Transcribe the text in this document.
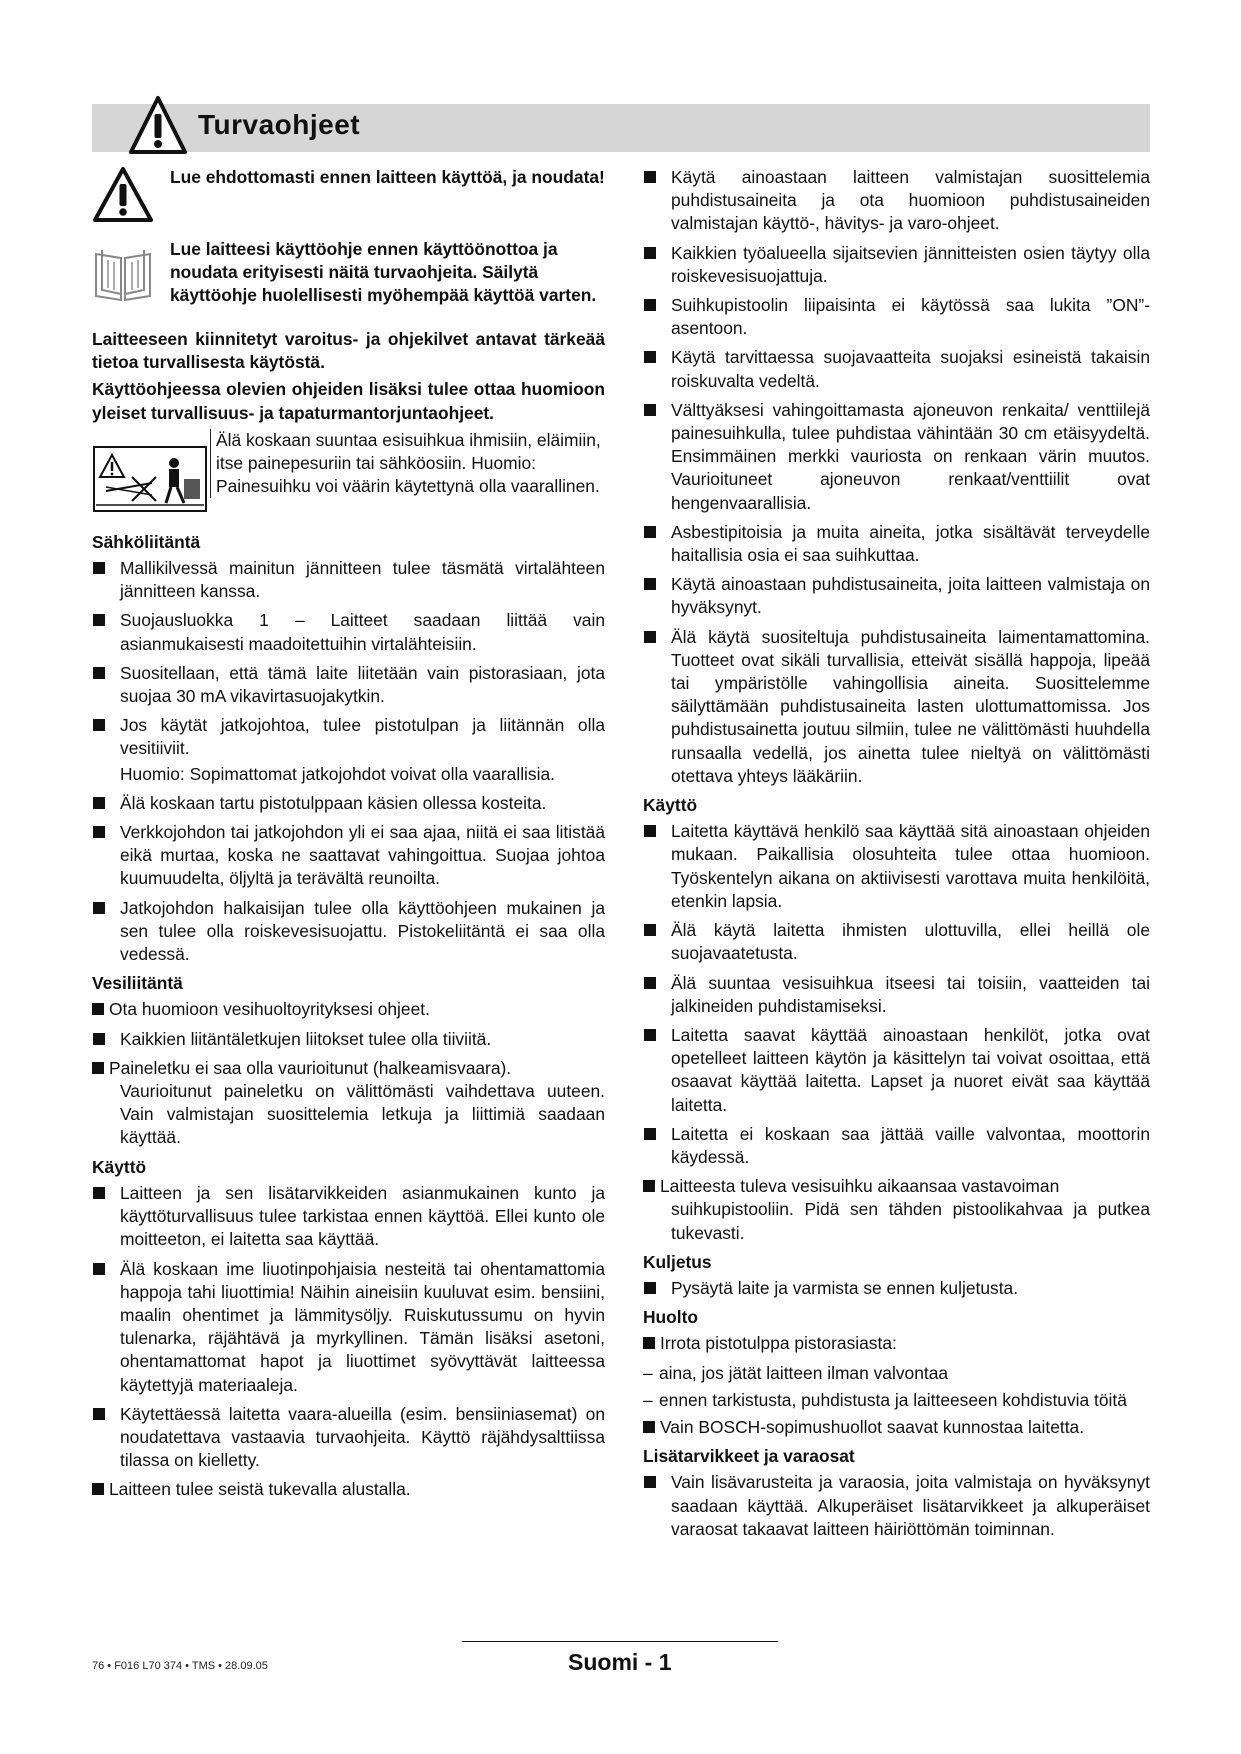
Turvaohjeet
Lue ehdottomasti ennen laitteen käyttöä, ja noudata!
Lue laitteesi käyttöohje ennen käyttöönottoa ja noudata erityisesti näitä turvaohjeita. Säilytä käyttöohje huolellisesti myöhempää käyttöä varten.

Laitteeseen kiinnitetyt varoitus- ja ohjekilvet antavat tärkeää tietoa turvallisesta käytöstä.

Käyttöohjeessa olevien ohjeiden lisäksi tulee ottaa huomioon yleiset turvallisuus- ja tapaturmantorjuntaohjeet.

Älä koskaan suuntaa esisuihkua ihmisiin, eläimiin, itse painepesuriin tai sähköosiin. Huomio: Painesuihku voi väärin käytettynä olla vaarallinen.
Sähköliitäntä
Mallikilvessä mainitun jännitteen tulee täsmätä virtalähteen jännitteen kanssa.
Suojausluokka 1 – Laitteet saadaan liittää vain asianmukaisesti maadoitettuihin virtalähteisiin.
Suositellaan, että tämä laite liitetään vain pistorasiaan, jota suojaa 30 mA vikavirtasuojakytkin.
Jos käytät jatkojohtoa, tulee pistotulpan ja liitännän olla vesitiiviit.
Huomio: Sopimattomat jatkojohdot voivat olla vaarallisia.
Älä koskaan tartu pistotulppaan käsien ollessa kosteita.
Verkkojohdon tai jatkojohdon yli ei saa ajaa, niitä ei saa litistää eikä murtaa, koska ne saattavat vahingoittua. Suojaa johtoa kuumuudelta, öljyltä ja terävältä reunoilta.
Jatkojohdon halkaisijan tulee olla käyttöohjeen mukainen ja sen tulee olla roiskevesisuojattu. Pistokeliitäntä ei saa olla vedessä.
Vesiliitäntä
Ota huomioon vesihuoltoyrityksesi ohjeet.
Kaikkien liitäntäletkujen liitokset tulee olla tiiviitä.
Paineletku ei saa olla vaurioitunut (halkeamisvaara).
Vaurioitunut paineletku on välittömästi vaihdettava uuteen. Vain valmistajan suosittelemia letkuja ja liittimiä saadaan käyttää.
Käyttö
Laitteen ja sen lisätarvikkeiden asianmukainen kunto ja käyttöturvallisuus tulee tarkistaa ennen käyttöä. Ellei kunto ole moitteeton, ei laitetta saa käyttää.
Älä koskaan ime liuotinpohjaisia nesteitä tai ohentamattomia happoja tahi liuottimia! Näihin aineisiin kuuluvat esim. bensiini, maalin ohentimet ja lämmitysöljy. Ruiskutussumu on hyvin tulenarka, räjähtävä ja myrkyllinen. Tämän lisäksi asetoni, ohentamattomat hapot ja liuottimet syövyttävät laitteessa käytettyjä materiaaleja.
Käytettäessä laitetta vaara-alueilla (esim. bensiiniasemat) on noudatettava vastaavia turvaohjeita. Käyttö räjähdysalttiissa tilassa on kielletty.
Laitteen tulee seistä tukevalla alustalla.
Käytä ainoastaan laitteen valmistajan suosittelemia puhdistusaineita ja ota huomioon puhdistusaineiden valmistajan käyttö-, hävitys- ja varo-ohjeet.
Kaikkien työalueella sijaitsevien jännitteisten osien täytyy olla roiskevesisuojattuja.
Suihkupistoolin liipaisinta ei käytössä saa lukita ”ON”-asentoon.
Käytä tarvittaessa suojavaatteita suojaksi esineistä takaisin roiskuvalta vedeltä.
Välttyäksesi vahingoittamasta ajoneuvon renkaita/ venttiilejä painesuihkulla, tulee puhdistaa vähintään 30 cm etäisyydeltä. Ensimmäinen merkki vauriosta on renkaan värin muutos. Vaurioituneet ajoneuvon renkaat/venttiilit ovat hengenvaarallisia.
Asbestipitoisia ja muita aineita, jotka sisältävät terveydelle haitallisia osia ei saa suihkuttaa.
Käytä ainoastaan puhdistusaineita, joita laitteen valmistaja on hyväksynyt.
Älä käytä suositeltuja puhdistusaineita laimentamattomina. Tuotteet ovat sikäli turvallisia, etteivät sisällä happoja, lipeää tai ympäristölle vahingollisia aineita. Suosittelemme säilyttämään puhdistusaineita lasten ulottumattomissa. Jos puhdistusainetta joutuu silmiin, tulee ne välittömästi huuhdella runsaalla vedellä, jos ainetta tulee nieltyä on välittömästi otettava yhteys lääkäriin.
Käyttö
Laitetta käyttävä henkilö saa käyttää sitä ainoastaan ohjeiden mukaan. Paikallisia olosuhteita tulee ottaa huomioon. Työskentelyn aikana on aktiivisesti varottava muita henkilöitä, etenkin lapsia.
Älä käytä laitetta ihmisten ulottuvilla, ellei heillä ole suojavaatetusta.
Älä suuntaa vesisuihkua itseesi tai toisiin, vaatteiden tai jalkineiden puhdistamiseksi.
Laitetta saavat käyttää ainoastaan henkilöt, jotka ovat opetelleet laitteen käytön ja käsittelyn tai voivat osoittaa, että osaavat käyttää laitetta. Lapset ja nuoret eivät saa käyttää laitetta.
Laitetta ei koskaan saa jättää vaille valvontaa, moottorin käydessä.
Laitteesta tuleva vesisuihku aikaansaa vastavoiman
suihkupistooliin. Pidä sen tähden pistoolikahvaa ja putkea tukevasti.
Kuljetus
Pysäytä laite ja varmista se ennen kuljetusta.
Huolto
Irrota pistotulppa pistorasiasta:
– aina, jos jätät laitteen ilman valvontaa
– ennen tarkistusta, puhdistusta ja laitteeseen kohdistuvia töitä
Vain BOSCH-sopimushuollot saavat kunnostaa laitetta.
Lisätarvikkeet ja varaosat
Vain lisävarusteita ja varaosia, joita valmistaja on hyväksynyt saadaan käyttää. Alkuperäiset lisätarvikkeet ja alkuperäiset varaosat takaavat laitteen häiriöttömän toiminnan.
76 • F016 L70 374 • TMS • 28.09.05	Suomi - 1
